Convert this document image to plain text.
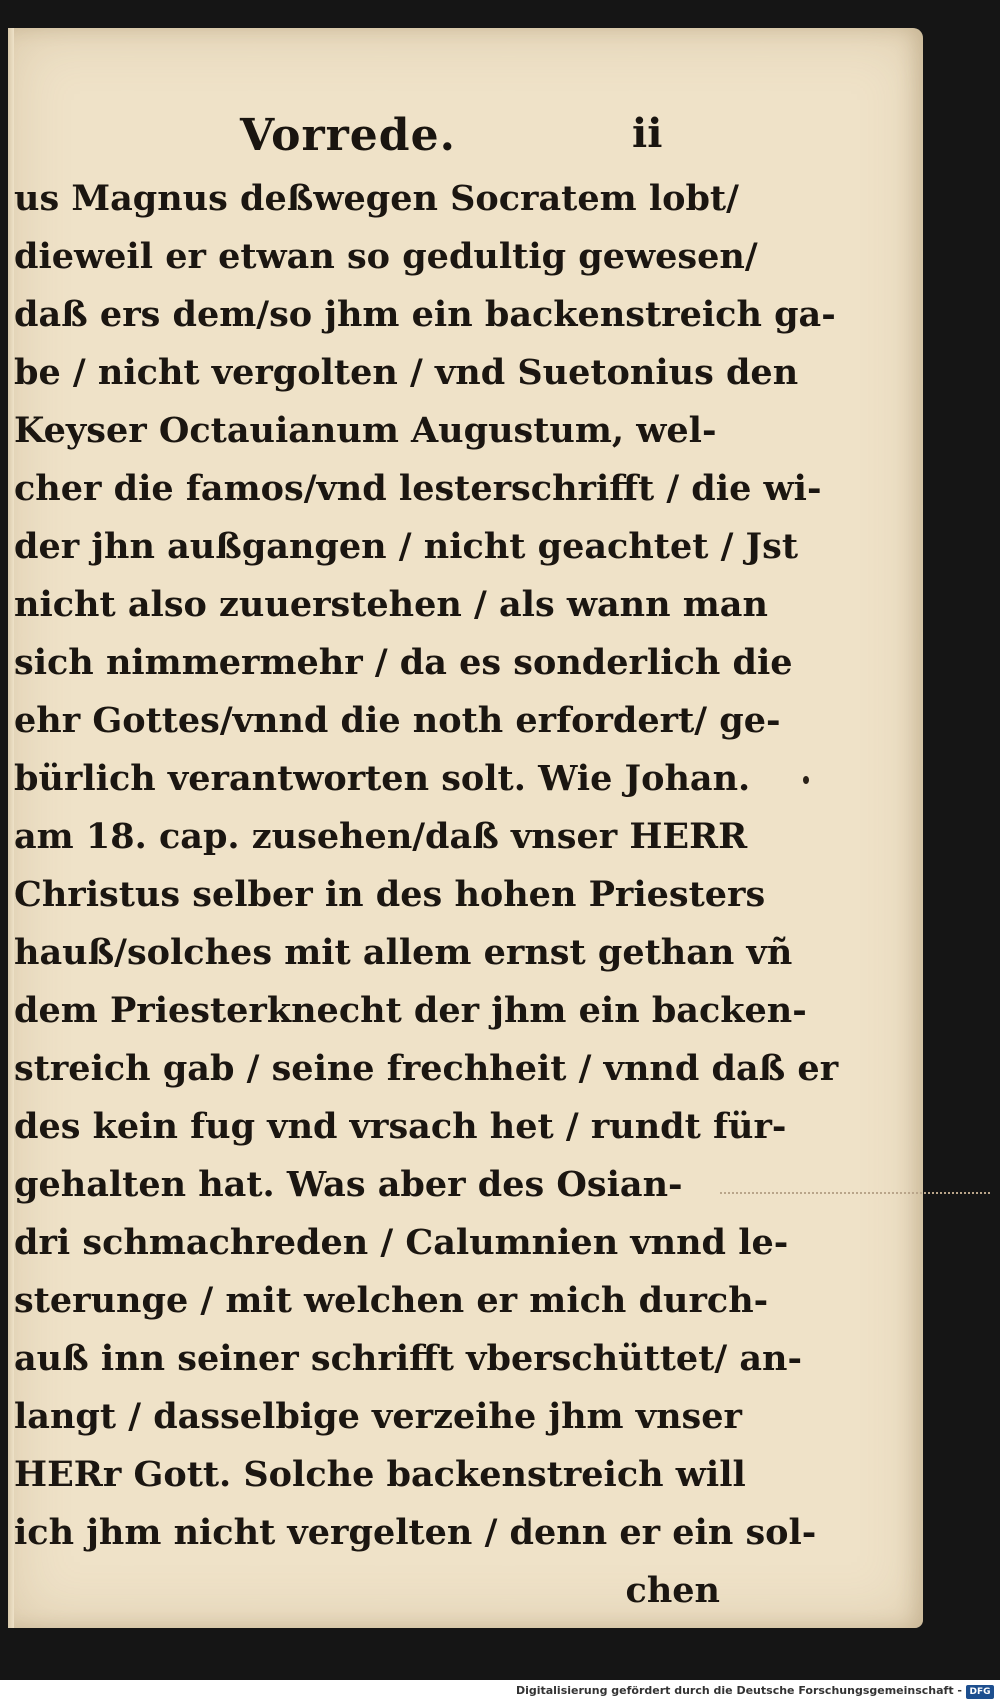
Vorrede.	ii
us Magnus deßwegen Socratem lobt/
dieweil er etwan so gedultig gewesen/
daß ers dem/so jhm ein backenstreich ga-
be / nicht vergolten / vnd Suetonius den
Keyser Octauianum Augustum, wel-
cher die famos/vnd lesterschrifft / die wi-
der jhn außgangen / nicht geachtet / Jst
nicht also zuuerstehen / als wann man
sich nimmermehr / da es sonderlich die
ehr Gottes/vnnd die noth erfordert/ ge-
bürlich verantworten solt. Wie Johan.
am 18. cap. zusehen/daß vnser HERR
Christus selber in des hohen Priesters
hauß/solches mit allem ernst gethan vñ
dem Priesterknecht der jhm ein backen-
streich gab / seine frechheit / vnnd daß er
des kein fug vnd vrsach het / rundt für-
gehalten hat. Was aber des Osian-
dri schmachreden / Calumnien vnnd le-
sterunge / mit welchen er mich durch-
auß inn seiner schrifft vberschüttet/ an-
langt / dasselbige verzeihe jhm vnser
HERr Gott. Solche backenstreich will
ich jhm nicht vergelten / denn er ein sol-
chen
Digitalisierung gefördert durch die Deutsche Forschungsgemeinschaft - DFG
